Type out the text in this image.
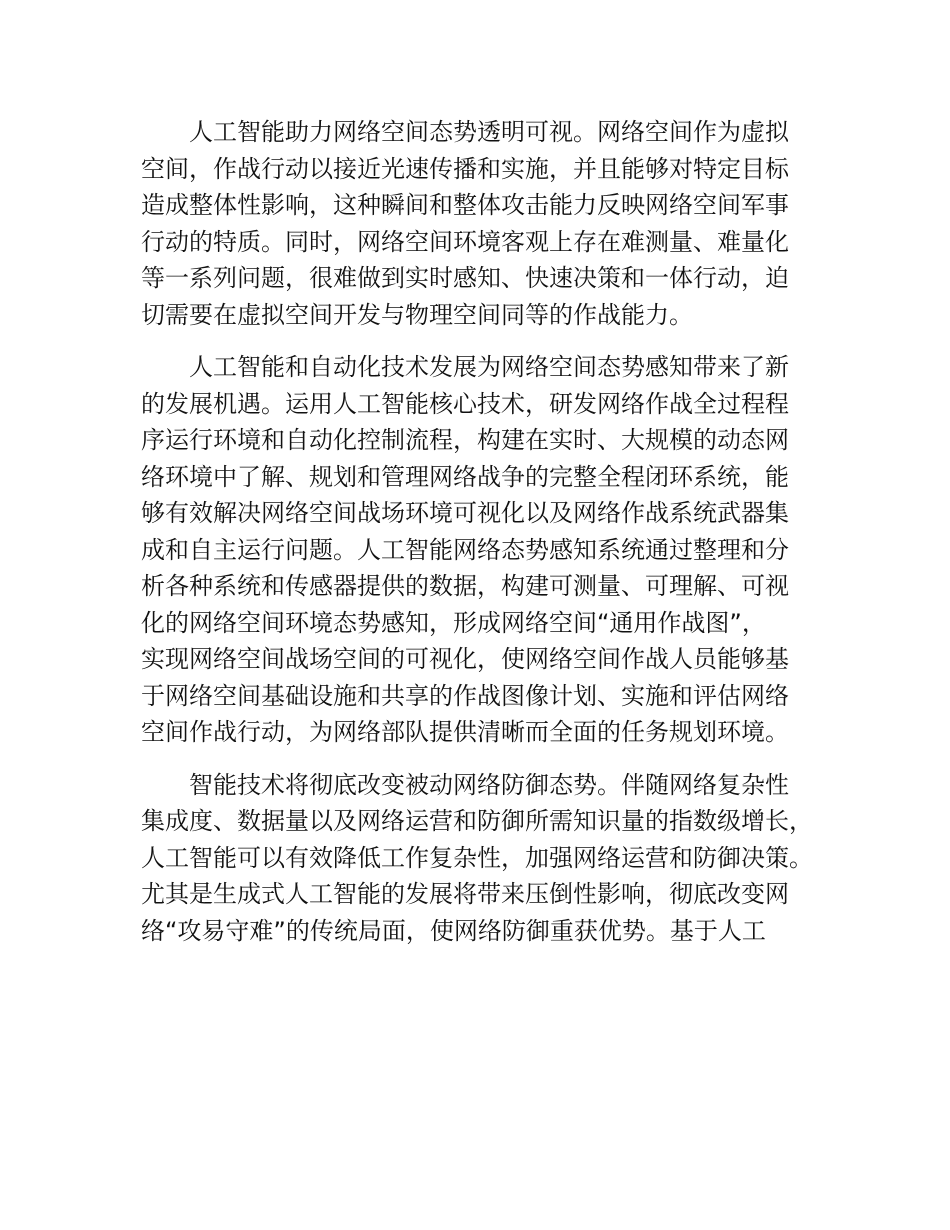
人工智能助力网络空间态势透明可视。网络空间作为虚拟
空间，作战行动以接近光速传播和实施，并且能够对特定目标
造成整体性影响，这种瞬间和整体攻击能力反映网络空间军事
行动的特质。同时，网络空间环境客观上存在难测量、难量化
等一系列问题，很难做到实时感知、快速决策和一体行动，迫
切需要在虚拟空间开发与物理空间同等的作战能力。

人工智能和自动化技术发展为网络空间态势感知带来了新
的发展机遇。运用人工智能核心技术，研发网络作战全过程程
序运行环境和自动化控制流程，构建在实时、大规模的动态网
络环境中了解、规划和管理网络战争的完整全程闭环系统，能
够有效解决网络空间战场环境可视化以及网络作战系统武器集
成和自主运行问题。人工智能网络态势感知系统通过整理和分
析各种系统和传感器提供的数据，构建可测量、可理解、可视
化的网络空间环境态势感知，形成网络空间“通用作战图”，
实现网络空间战场空间的可视化，使网络空间作战人员能够基
于网络空间基础设施和共享的作战图像计划、实施和评估网络
空间作战行动，为网络部队提供清晰而全面的任务规划环境。

智能技术将彻底改变被动网络防御态势。伴随网络复杂性
集成度、数据量以及网络运营和防御所需知识量的指数级增长，
人工智能可以有效降低工作复杂性，加强网络运营和防御决策。
尤其是生成式人工智能的发展将带来压倒性影响，彻底改变网
络“攻易守难”的传统局面，使网络防御重获优势。基于人工
